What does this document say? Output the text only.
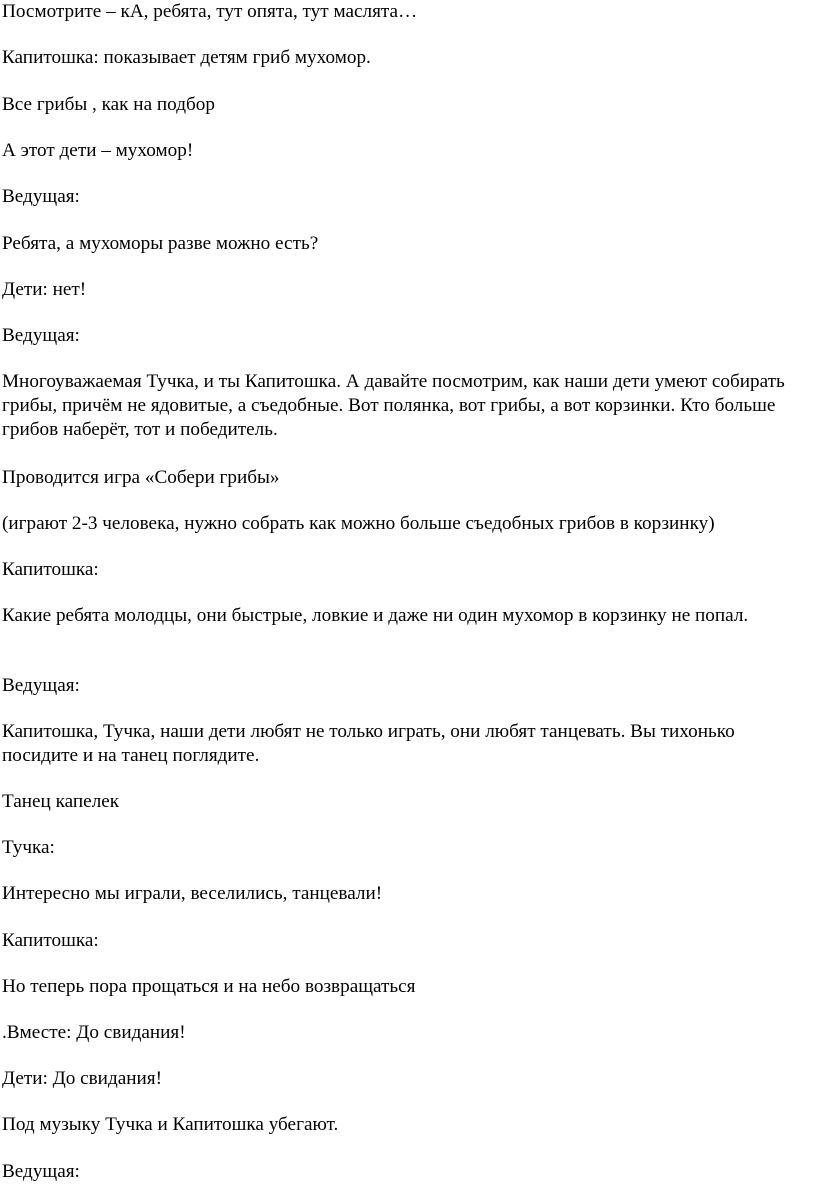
Посмотрите – кА, ребята, тут опята, тут маслята…

Капитошка: показывает детям гриб мухомор.

Все грибы , как на подбор

А этот дети – мухомор!

Ведущая:

Ребята, а мухоморы разве можно есть?

Дети: нет!

Ведущая:

Многоуважаемая Тучка, и ты Капитошка. А давайте посмотрим, как наши дети умеют собирать грибы, причём не ядовитые, а съедобные. Вот полянка, вот грибы, а вот корзинки. Кто больше грибов наберёт, тот и победитель.

Проводится игра «Собери грибы»

(играют 2-3 человека, нужно собрать как можно больше съедобных грибов в корзинку)

Капитошка:

Какие ребята молодцы, они быстрые, ловкие и даже ни один мухомор в корзинку не попал.

Ведущая:

Капитошка, Тучка, наши дети любят не только играть, они любят танцевать. Вы тихонько посидите и на танец поглядите.

Танец капелек

Тучка:

Интересно мы играли, веселились, танцевали!

Капитошка:

Но теперь пора прощаться и на небо возвращаться

.Вместе: До свидания!

Дети: До свидания!

Под музыку Тучка и Капитошка убегают.

Ведущая:
